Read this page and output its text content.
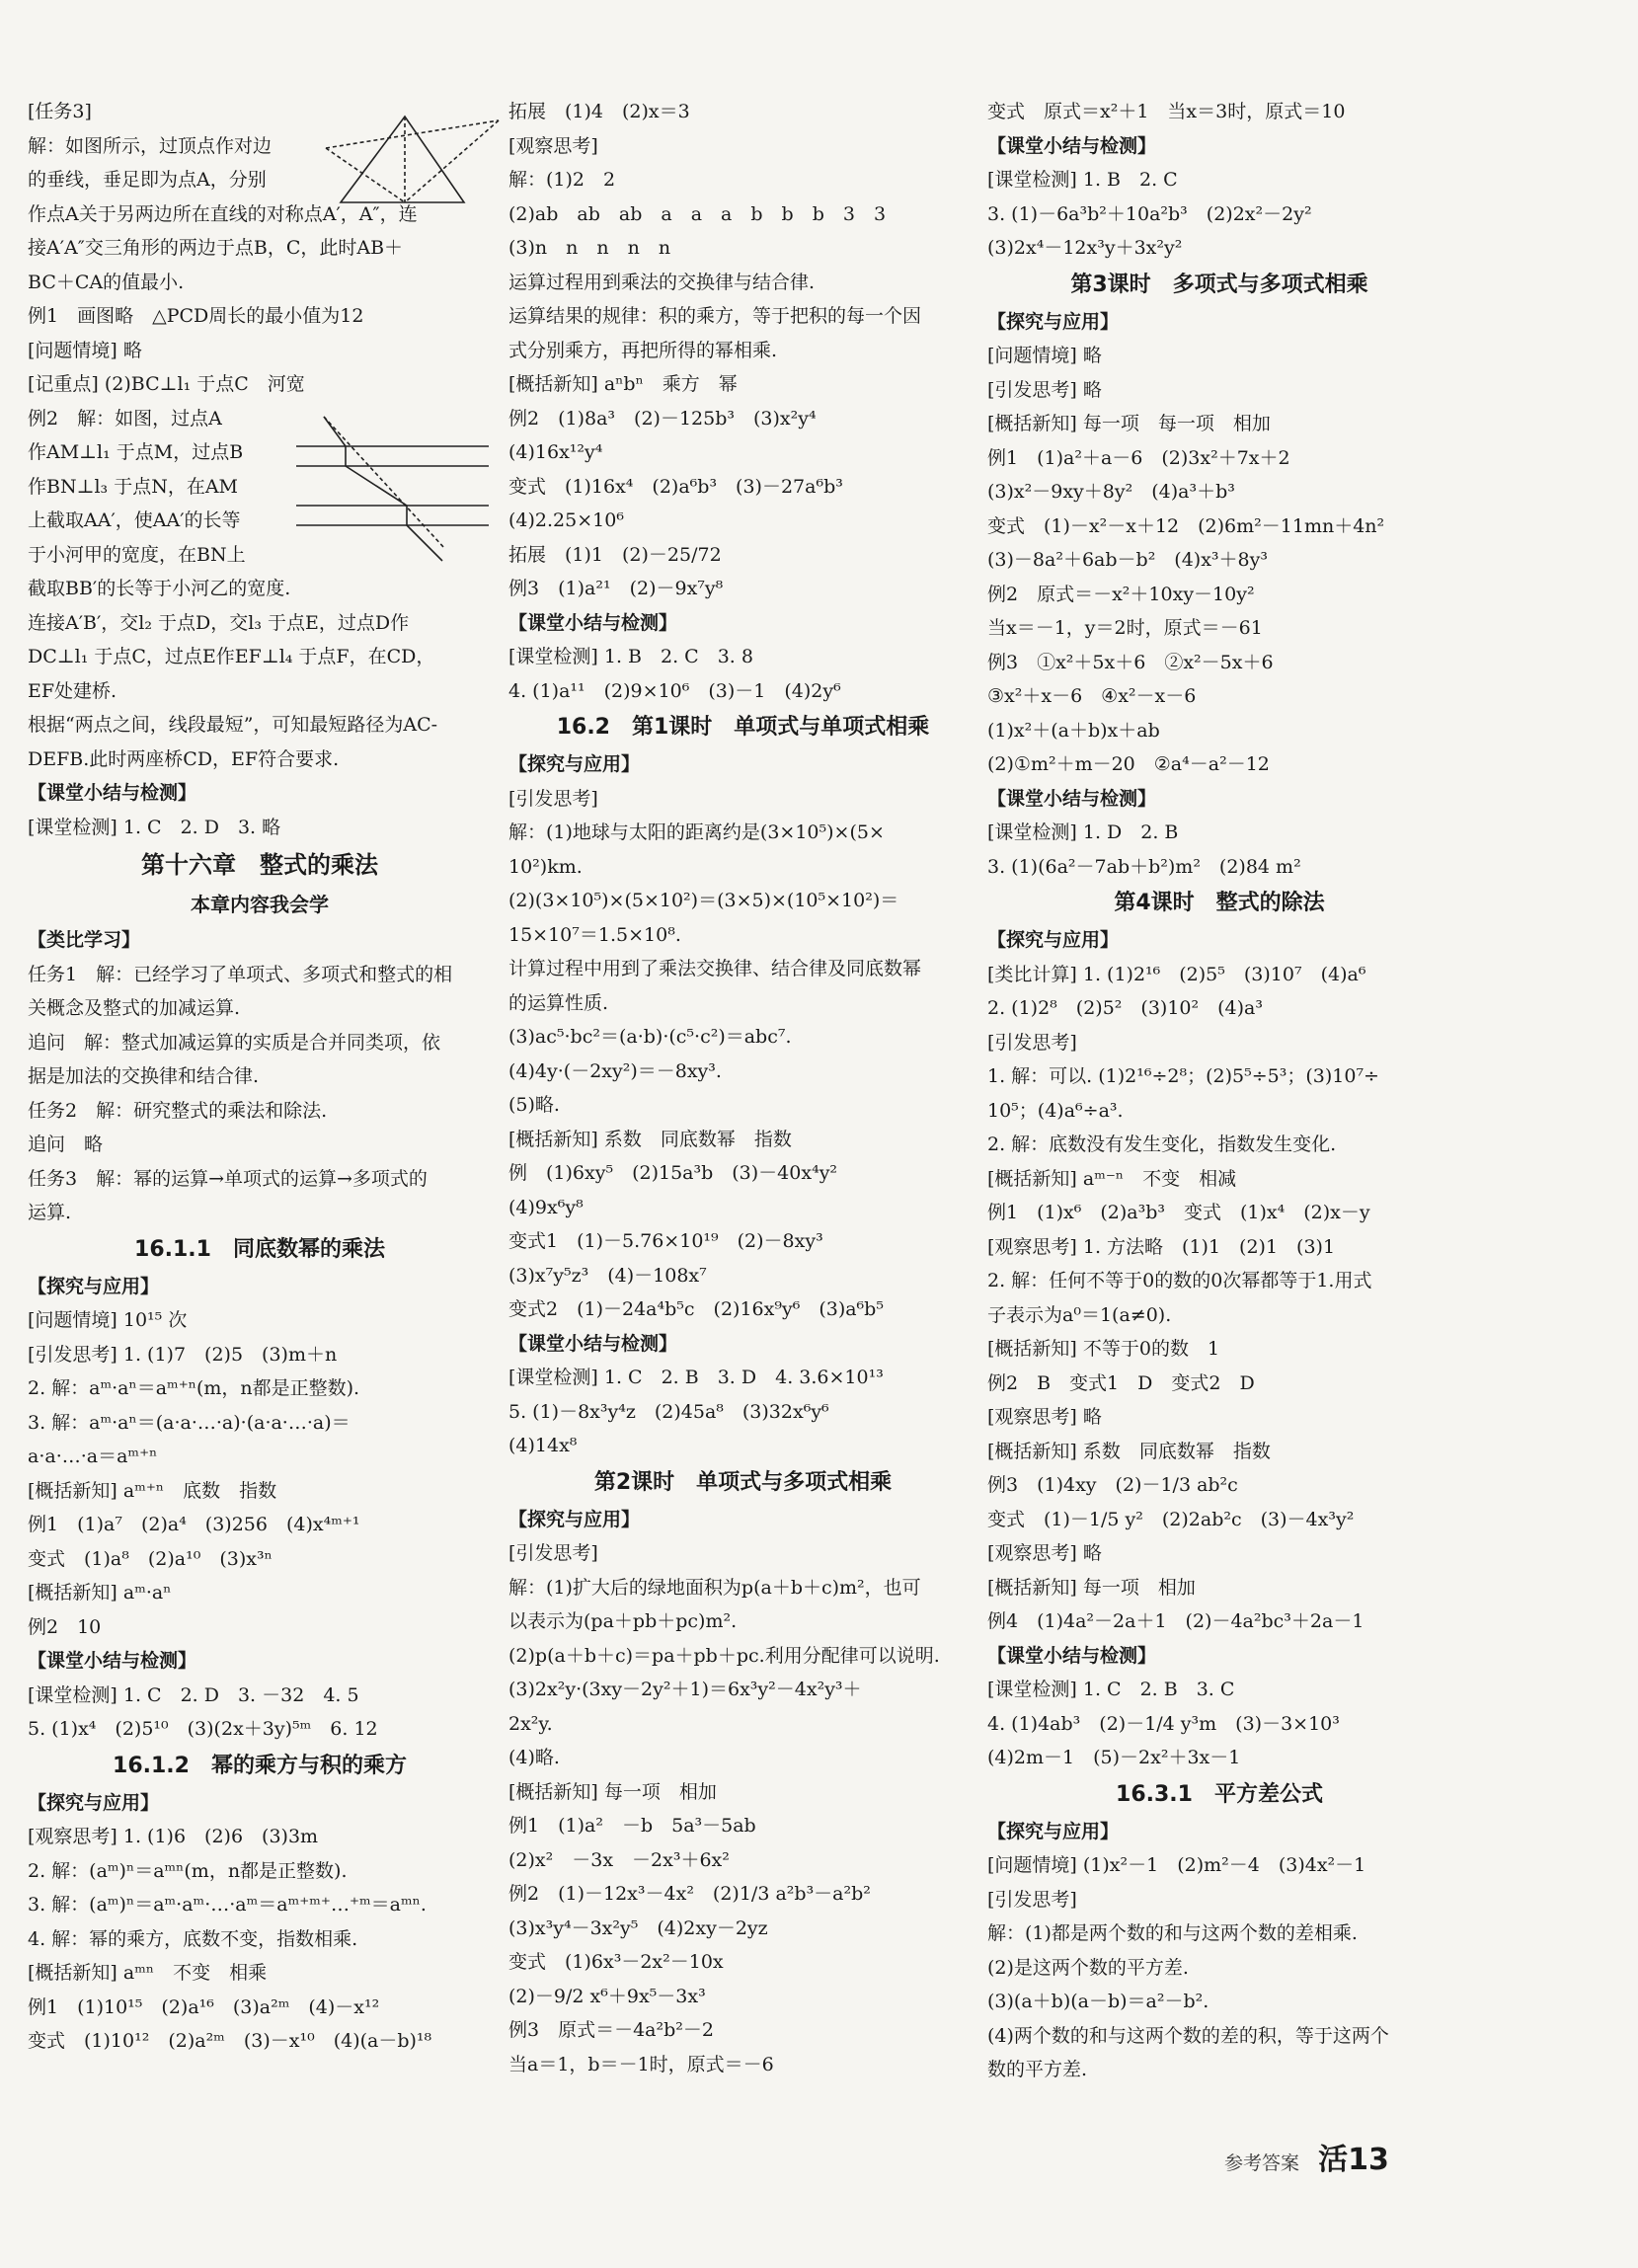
[任务3]
解：如图所示，过顶点作对边
的垂线，垂足即为点A，分别
作点A关于另两边所在直线的对称点A′，A″，连
接A′A″交三角形的两边于点B，C，此时AB＋
BC＋CA的值最小.
例1　画图略　△PCD周长的最小值为12
[问题情境] 略
[记重点] (2)BC⊥l₁ 于点C　河宽
例2　解：如图，过点A
作AM⊥l₁ 于点M，过点B
作BN⊥l₃ 于点N，在AM
上截取AA′，使AA′的长等
于小河甲的宽度，在BN上
截取BB′的长等于小河乙的宽度.
连接A′B′，交l₂ 于点D，交l₃ 于点E，过点D作
DC⊥l₁ 于点C，过点E作EF⊥l₄ 于点F，在CD，
EF处建桥.
根据“两点之间，线段最短”，可知最短路径为AC-
DEFB.此时两座桥CD，EF符合要求.
【课堂小结与检测】
[课堂检测] 1. C　2. D　3. 略
第十六章　整式的乘法
本章内容我会学
【类比学习】
任务1　解：已经学习了单项式、多项式和整式的相
关概念及整式的加减运算.
追问　解：整式加减运算的实质是合并同类项，依
据是加法的交换律和结合律.
任务2　解：研究整式的乘法和除法.
追问　略
任务3　解：幂的运算→单项式的运算→多项式的
运算.
16.1.1　同底数幂的乘法
【探究与应用】
[问题情境] 10¹⁵ 次
[引发思考] 1. (1)7　(2)5　(3)m＋n
2. 解：aᵐ·aⁿ＝aᵐ⁺ⁿ(m，n都是正整数).
3. 解：aᵐ·aⁿ＝(a·a·…·a)·(a·a·…·a)＝
a·a·…·a＝aᵐ⁺ⁿ
[概括新知] aᵐ⁺ⁿ　底数　指数
例1　(1)a⁷　(2)a⁴　(3)256　(4)x⁴ᵐ⁺¹
变式　(1)a⁸　(2)a¹⁰　(3)x³ⁿ
[概括新知] aᵐ·aⁿ
例2　10
【课堂小结与检测】
[课堂检测] 1. C　2. D　3. －32　4. 5
5. (1)x⁴　(2)5¹⁰　(3)(2x＋3y)⁵ᵐ　6. 12
16.1.2　幂的乘方与积的乘方
【探究与应用】
[观察思考] 1. (1)6　(2)6　(3)3m
2. 解：(aᵐ)ⁿ＝aᵐⁿ(m，n都是正整数).
3. 解：(aᵐ)ⁿ＝aᵐ·aᵐ·…·aᵐ＝aᵐ⁺ᵐ⁺…⁺ᵐ＝aᵐⁿ.
4. 解：幂的乘方，底数不变，指数相乘.
[概括新知] aᵐⁿ　不变　相乘
例1　(1)10¹⁵　(2)a¹⁶　(3)a²ᵐ　(4)－x¹²
变式　(1)10¹²　(2)a²ᵐ　(3)－x¹⁰　(4)(a－b)¹⁸
拓展　(1)4　(2)x＝3
[观察思考]
解：(1)2　2
(2)ab　ab　ab　a　a　a　b　b　b　3　3
(3)n　n　n　n　n
运算过程用到乘法的交换律与结合律.
运算结果的规律：积的乘方，等于把积的每一个因
式分别乘方，再把所得的幂相乘.
[概括新知] aⁿbⁿ　乘方　幂
例2　(1)8a³　(2)－125b³　(3)x²y⁴
(4)16x¹²y⁴
变式　(1)16x⁴　(2)a⁶b³　(3)－27a⁶b³
(4)2.25×10⁶
拓展　(1)1　(2)－25/72
例3　(1)a²¹　(2)－9x⁷y⁸
【课堂小结与检测】
[课堂检测] 1. B　2. C　3. 8
4. (1)a¹¹　(2)9×10⁶　(3)－1　(4)2y⁶
16.2　第1课时　单项式与单项式相乘
【探究与应用】
[引发思考]
解：(1)地球与太阳的距离约是(3×10⁵)×(5×
10²)km.
(2)(3×10⁵)×(5×10²)＝(3×5)×(10⁵×10²)＝
15×10⁷＝1.5×10⁸.
计算过程中用到了乘法交换律、结合律及同底数幂
的运算性质.
(3)ac⁵·bc²＝(a·b)·(c⁵·c²)＝abc⁷.
(4)4y·(－2xy²)＝－8xy³.
(5)略.
[概括新知] 系数　同底数幂　指数
例　(1)6xy⁵　(2)15a³b　(3)－40x⁴y²
(4)9x⁶y⁸
变式1　(1)－5.76×10¹⁹　(2)－8xy³
(3)x⁷y⁵z³　(4)－108x⁷
变式2　(1)－24a⁴b⁵c　(2)16x⁹y⁶　(3)a⁶b⁵
【课堂小结与检测】
[课堂检测] 1. C　2. B　3. D　4. 3.6×10¹³
5. (1)－8x³y⁴z　(2)45a⁸　(3)32x⁶y⁶
(4)14x⁸
第2课时　单项式与多项式相乘
【探究与应用】
[引发思考]
解：(1)扩大后的绿地面积为p(a＋b＋c)m²，也可
以表示为(pa＋pb＋pc)m².
(2)p(a＋b＋c)＝pa＋pb＋pc.利用分配律可以说明.
(3)2x²y·(3xy－2y²＋1)＝6x³y²－4x²y³＋
2x²y.
(4)略.
[概括新知] 每一项　相加
例1　(1)a²　－b　5a³－5ab
(2)x²　－3x　－2x³＋6x²
例2　(1)－12x³－4x²　(2)1/3 a²b³－a²b²
(3)x³y⁴－3x²y⁵　(4)2xy－2yz
变式　(1)6x³－2x²－10x
(2)－9/2 x⁶＋9x⁵－3x³
例3　原式＝－4a²b²－2
当a＝1，b＝－1时，原式＝－6
变式　原式＝x²＋1　当x＝3时，原式＝10
【课堂小结与检测】
[课堂检测] 1. B　2. C
3. (1)－6a³b²＋10a²b³　(2)2x²－2y²
(3)2x⁴－12x³y＋3x²y²
第3课时　多项式与多项式相乘
【探究与应用】
[问题情境] 略
[引发思考] 略
[概括新知] 每一项　每一项　相加
例1　(1)a²＋a－6　(2)3x²＋7x＋2
(3)x²－9xy＋8y²　(4)a³＋b³
变式　(1)－x²－x＋12　(2)6m²－11mn＋4n²
(3)－8a²＋6ab－b²　(4)x³＋8y³
例2　原式＝－x²＋10xy－10y²
当x＝－1，y＝2时，原式＝－61
例3　①x²＋5x＋6　②x²－5x＋6
③x²＋x－6　④x²－x－6
(1)x²＋(a＋b)x＋ab
(2)①m²＋m－20　②a⁴－a²－12
【课堂小结与检测】
[课堂检测] 1. D　2. B
3. (1)(6a²－7ab＋b²)m²　(2)84 m²
第4课时　整式的除法
【探究与应用】
[类比计算] 1. (1)2¹⁶　(2)5⁵　(3)10⁷　(4)a⁶
2. (1)2⁸　(2)5²　(3)10²　(4)a³
[引发思考]
1. 解：可以. (1)2¹⁶÷2⁸；(2)5⁵÷5³；(3)10⁷÷
10⁵；(4)a⁶÷a³.
2. 解：底数没有发生变化，指数发生变化.
[概括新知] aᵐ⁻ⁿ　不变　相减
例1　(1)x⁶　(2)a³b³　变式　(1)x⁴　(2)x－y
[观察思考] 1. 方法略　(1)1　(2)1　(3)1
2. 解：任何不等于0的数的0次幂都等于1.用式
子表示为a⁰＝1(a≠0).
[概括新知] 不等于0的数　1
例2　B　变式1　D　变式2　D
[观察思考] 略
[概括新知] 系数　同底数幂　指数
例3　(1)4xy　(2)－1/3 ab²c
变式　(1)－1/5 y²　(2)2ab²c　(3)－4x³y²
[观察思考] 略
[概括新知] 每一项　相加
例4　(1)4a²－2a＋1　(2)－4a²bc³＋2a－1
【课堂小结与检测】
[课堂检测] 1. C　2. B　3. C
4. (1)4ab³　(2)－1/4 y³m　(3)－3×10³
(4)2m－1　(5)－2x²＋3x－1
16.3.1　平方差公式
【探究与应用】
[问题情境] (1)x²－1　(2)m²－4　(3)4x²－1
[引发思考]
解：(1)都是两个数的和与这两个数的差相乘.
(2)是这两个数的平方差.
(3)(a＋b)(a－b)＝a²－b².
(4)两个数的和与这两个数的差的积，等于这两个
数的平方差.
参考答案 活13
